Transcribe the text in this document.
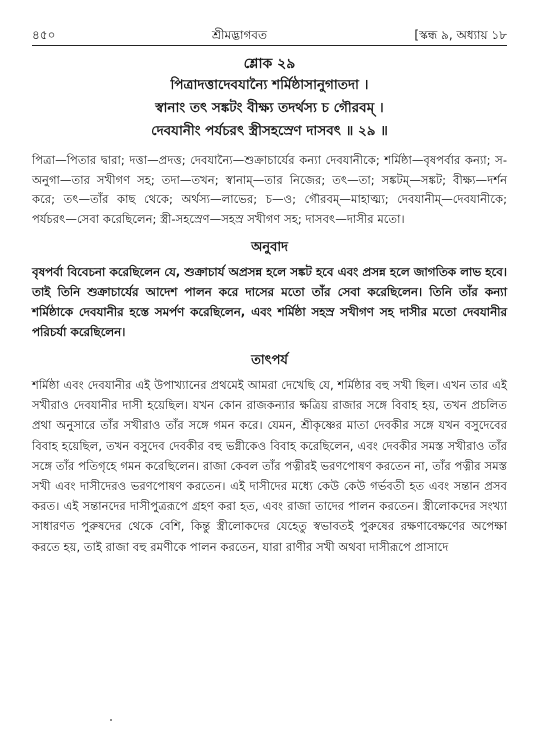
৪৫০	শ্রীমদ্ভাগবত	[স্কন্ধ ৯, অধ্যায় ১৮
শ্লোক ২৯
পিত্রাদত্তাদেবযান্যৈ শর্মিষ্ঠাসানুগাতদা ।
স্বানাং তৎ সঙ্কটং বীক্ষ্য তদর্থস্য চ গৌরবম্ ।
দেবযানীং পর্যচরৎ স্ত্রীসহস্রেণ দাসবৎ ॥ ২৯ ॥
পিত্রা—পিতার দ্বারা; দত্তা—প্রদত্ত; দেবযান্যৈ—শুক্রাচার্যের কন্যা দেবযানীকে; শর্মিষ্ঠা—বৃষপর্বার কন্যা; স-অনুগা—তার সখীগণ সহ; তদা—তখন; স্বানাম্—তার নিজের; তৎ—তা; সঙ্কটম্—সঙ্কট; বীক্ষ্য—দর্শন করে; তৎ—তাঁর কাছ থেকে; অর্থস্য—লাভের; চ—ও; গৌরবম্—মাহাত্ম্য; দেবযানীম্—দেবযানীকে; পর্যচরৎ—সেবা করেছিলেন; স্ত্রী-সহস্রেণ—সহস্র সখীগণ সহ; দাসবৎ—দাসীর মতো।
অনুবাদ
বৃষপর্বা বিবেচনা করেছিলেন যে, শুক্রাচার্য অপ্রসন্ন হলে সঙ্কট হবে এবং প্রসন্ন হলে জাগতিক লাভ হবে। তাই তিনি শুক্রাচার্যের আদেশ পালন করে দাসের মতো তাঁর সেবা করেছিলেন। তিনি তাঁর কন্যা শর্মিষ্ঠাকে দেবযানীর হস্তে সমর্পণ করেছিলেন, এবং শর্মিষ্ঠা সহস্র সখীগণ সহ দাসীর মতো দেবযানীর পরিচর্যা করেছিলেন।
তাৎপর্য
শর্মিষ্ঠা এবং দেবযানীর এই উপাখ্যানের প্রথমেই আমরা দেখেছি যে, শর্মিষ্ঠার বহু সখী ছিল। এখন তার এই সখীরাও দেবযানীর দাসী হয়েছিল। যখন কোন রাজকন্যার ক্ষত্রিয় রাজার সঙ্গে বিবাহ হয়, তখন প্রচলিত প্রথা অনুসারে তাঁর সখীরাও তাঁর সঙ্গে গমন করে। যেমন, শ্রীকৃষ্ণের মাতা দেবকীর সঙ্গে যখন বসুদেবের বিবাহ হয়েছিল, তখন বসুদেব দেবকীর বহু ভগ্নীকেও বিবাহ করেছিলেন, এবং দেবকীর সমস্ত সখীরাও তাঁর সঙ্গে তাঁর পতিগৃহে গমন করেছিলেন। রাজা কেবল তাঁর পত্নীরই ভরণপোষণ করতেন না, তাঁর পত্নীর সমস্ত সখী এবং দাসীদেরও ভরণপোষণ করতেন। এই দাসীদের মধ্যে কেউ কেউ গর্ভবতী হত এবং সন্তান প্রসব করত। এই সন্তানদের দাসীপুত্ররূপে গ্রহণ করা হত, এবং রাজা তাদের পালন করতেন। স্ত্রীলোকদের সংখ্যা সাধারণত পুরুষদের থেকে বেশি, কিন্তু স্ত্রীলোকদের যেহেতু স্বভাবতই পুরুষের রক্ষণাবেক্ষণের অপেক্ষা করতে হয়, তাই রাজা বহু রমণীকে পালন করতেন, যারা রাণীর সখী অথবা দাসীরূপে প্রাসাদে
